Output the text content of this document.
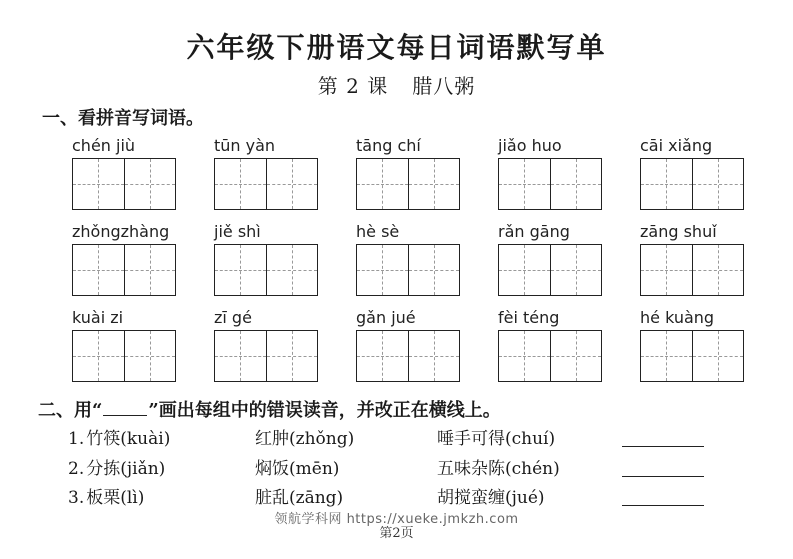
六年级下册语文每日词语默写单
第 2 课 腊八粥
一、看拼音写词语。
chén jiù	tūn yàn	tāng chí	jiǎo huo	cāi xiǎng
zhǒngzhàng	jiě shì	hè sè	rǎn gāng	zāng shuǐ
kuài zi	zī gé	gǎn jué	fèi téng	hé kuàng
二、用“	”画出每组中的错误读音，并改正在横线上。
1. 竹筷(kuài)	红肿(zhǒng)	唾手可得(chuí)
2. 分拣(jiǎn)	焖饭(mēn)	五味杂陈(chén)
3. 板栗(lì)	脏乱(zāng)	胡搅蛮缠(jué)
领航学科网 https://xueke.jmkzh.com
第2页
